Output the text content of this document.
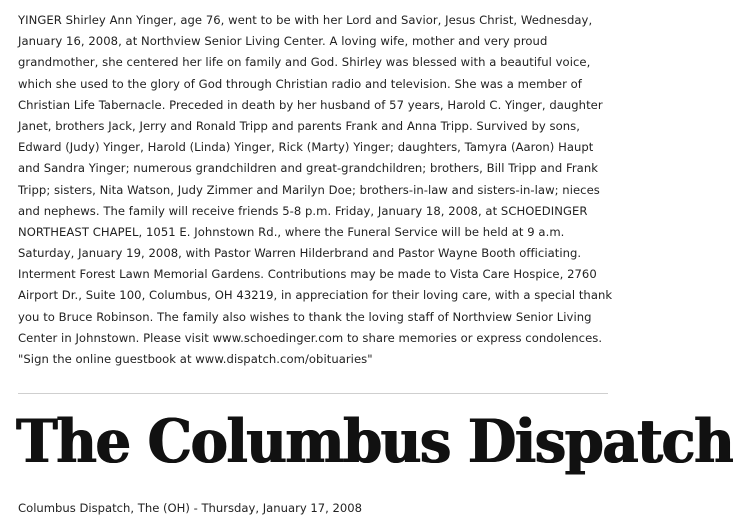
YINGER Shirley Ann Yinger, age 76, went to be with her Lord and Savior, Jesus Christ, Wednesday,
January 16, 2008, at Northview Senior Living Center. A loving wife, mother and very proud
grandmother, she centered her life on family and God. Shirley was blessed with a beautiful voice,
which she used to the glory of God through Christian radio and television. She was a member of
Christian Life Tabernacle. Preceded in death by her husband of 57 years, Harold C. Yinger, daughter
Janet, brothers Jack, Jerry and Ronald Tripp and parents Frank and Anna Tripp. Survived by sons,
Edward (Judy) Yinger, Harold (Linda) Yinger, Rick (Marty) Yinger; daughters, Tamyra (Aaron) Haupt
and Sandra Yinger; numerous grandchildren and great-grandchildren; brothers, Bill Tripp and Frank
Tripp; sisters, Nita Watson, Judy Zimmer and Marilyn Doe; brothers-in-law and sisters-in-law; nieces
and nephews. The family will receive friends 5-8 p.m. Friday, January 18, 2008, at SCHOEDINGER
NORTHEAST CHAPEL, 1051 E. Johnstown Rd., where the Funeral Service will be held at 9 a.m.
Saturday, January 19, 2008, with Pastor Warren Hilderbrand and Pastor Wayne Booth officiating.
Interment Forest Lawn Memorial Gardens. Contributions may be made to Vista Care Hospice, 2760
Airport Dr., Suite 100, Columbus, OH 43219, in appreciation for their loving care, with a special thank
you to Bruce Robinson. The family also wishes to thank the loving staff of Northview Senior Living
Center in Johnstown. Please visit www.schoedinger.com to share memories or express condolences.
"Sign the online guestbook at www.dispatch.com/obituaries"
The Columbus Dispatch
Columbus Dispatch, The (OH) - Thursday, January 17, 2008
